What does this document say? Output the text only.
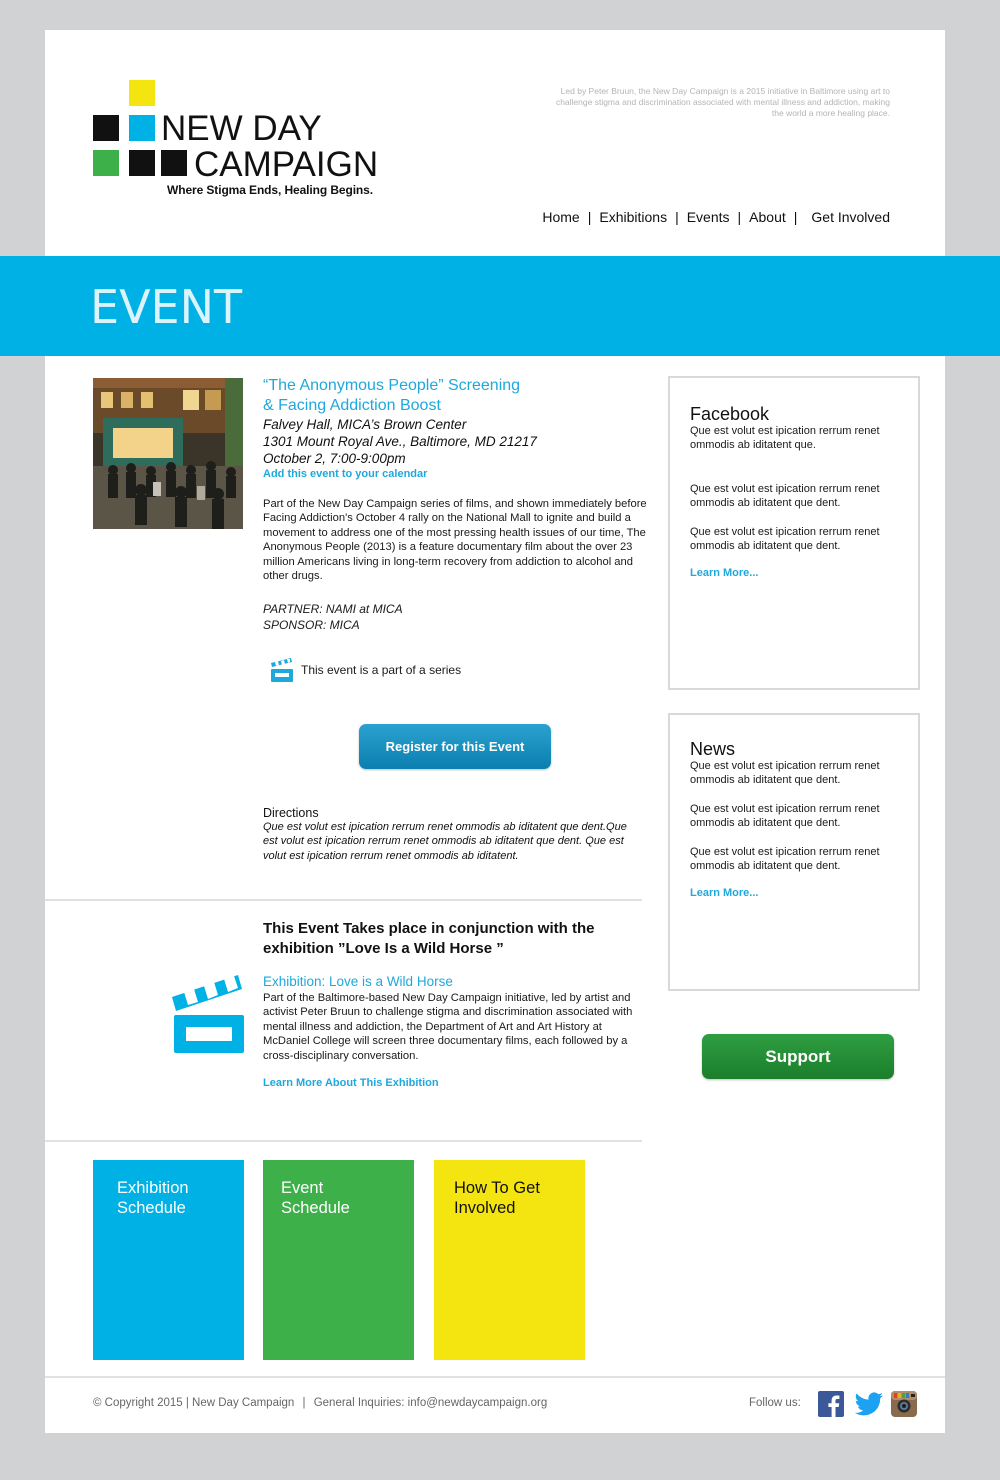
NEW DAY
CAMPAIGN
Where Stigma Ends, Healing Begins.

Led by Peter Bruun, the New Day Campaign is a 2015 initiative in Baltimore using art to challenge stigma and discrimination associated with mental illness and addiction, making the world a more healing place.

Home | Exhibitions | Events | About | Get Involved
“The Anonymous People” Screening
& Facing Addiction Boost
Falvey Hall, MICA’s Brown Center
1301 Mount Royal Ave., Baltimore, MD 21217
October 2, 7:00-9:00pm
Add this event to your calendar

Part of the New Day Campaign series of films, and shown immediately before Facing Addiction's October 4 rally on the National Mall to ignite and build a movement to address one of the most pressing health issues of our time, The Anonymous People (2013) is a feature documentary film about the over 23 million Americans living in long-term recovery from addiction to alcohol and other drugs.

PARTNER: NAMI at MICA
SPONSOR: MICA
This event is a part of a series
Register for this Event
Directions

Que est volut est ipication rerrum renet ommodis ab iditatent que dent.Que est volut est ipication rerrum renet ommodis ab iditatent que dent. Que est volut est ipication rerrum renet ommodis ab iditatent.

This Event Takes place in conjunction with the exhibition ”Love Is a Wild Horse ”
Exhibition: Love is a Wild Horse

Part of the Baltimore-based New Day Campaign initiative, led by artist and activist Peter Bruun to challenge stigma and discrimination associated with mental illness and addiction, the Department of Art and Art History at McDaniel College will screen three documentary films, each followed by a cross-disciplinary conversation.

Learn More About This Exhibition
Exhibition
Schedule
Event
Schedule
How To Get
Involved
Facebook

Que est volut est ipication rerrum renet ommodis ab iditatent que.

Que est volut est ipication rerrum renet ommodis ab iditatent que dent.

Que est volut est ipication rerrum renet ommodis ab iditatent que dent.

Learn More...
News

Que est volut est ipication rerrum renet ommodis ab iditatent que dent.

Que est volut est ipication rerrum renet ommodis ab iditatent que dent.

Que est volut est ipication rerrum renet ommodis ab iditatent que dent.

Learn More...
Support
© Copyright 2015 | New Day Campaign | General Inquiries: info@newdaycampaign.org	Follow us:
EVENT
